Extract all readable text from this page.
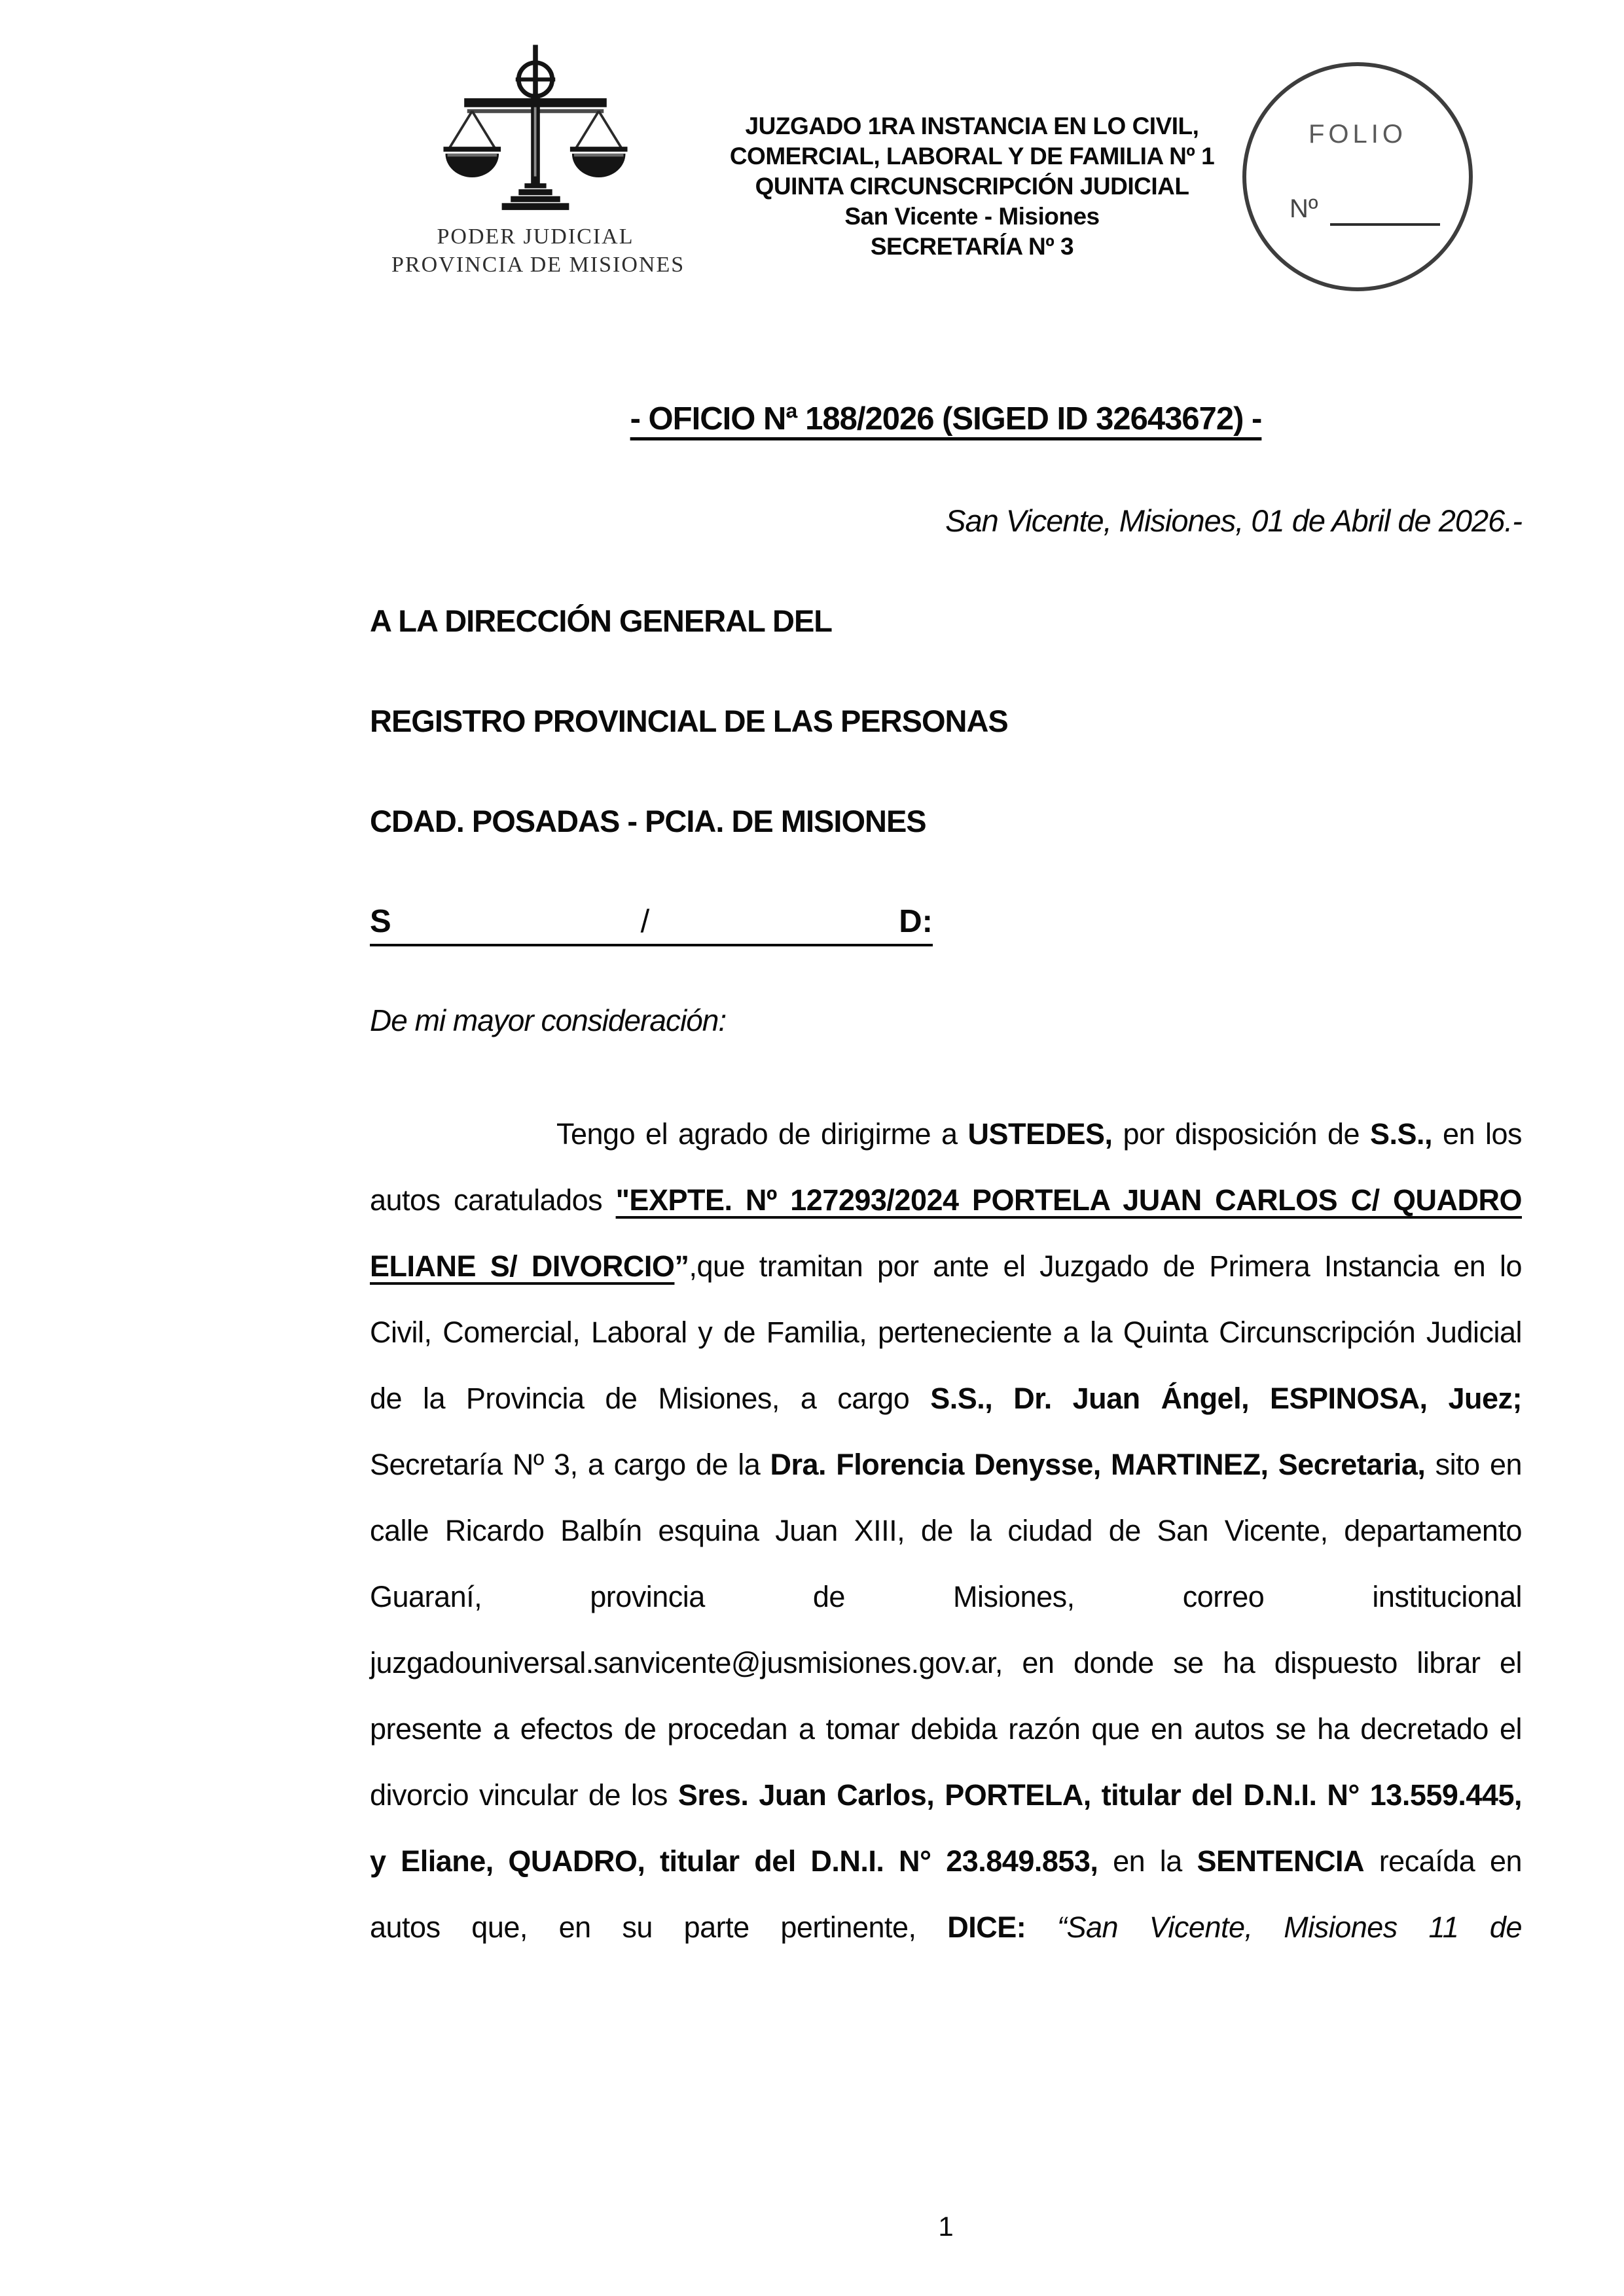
PODER JUDICIAL
PROVINCIA DE MISIONES
JUZGADO 1RA INSTANCIA EN LO CIVIL,
COMERCIAL, LABORAL Y DE FAMILIA Nº 1
QUINTA CIRCUNSCRIPCIÓN JUDICIAL
San Vicente - Misiones
SECRETARÍA Nº 3
FOLIO
Nº
- OFICIO Nª 188/2026 (SIGED ID 32643672) -
San Vicente, Misiones, 01 de Abril de 2026.-
A LA DIRECCIÓN GENERAL DEL
REGISTRO PROVINCIAL DE LAS PERSONAS
CDAD. POSADAS - PCIA. DE MISIONES
S	/	D:
De mi mayor consideración:

Tengo el agrado de dirigirme a USTEDES, por disposición de S.S., en los autos caratulados "EXPTE. Nº 127293/2024 PORTELA JUAN CARLOS C/ QUADRO ELIANE S/ DIVORCIO”,que tramitan por ante el Juzgado de Primera Instancia en lo Civil, Comercial, Laboral y de Familia, perteneciente a la Quinta Circunscripción Judicial de la Provincia de Misiones, a cargo S.S., Dr. Juan Ángel, ESPINOSA, Juez; Secretaría Nº 3, a cargo de la Dra. Florencia Denysse, MARTINEZ, Secretaria, sito en calle Ricardo Balbín esquina Juan XIII, de la ciudad de San Vicente, departamento Guaraní, provincia de Misiones, correo institucional juzgadouniversal.sanvicente@jusmisiones.gov.ar, en donde se ha dispuesto librar el presente a efectos de procedan a tomar debida razón que en autos se ha decretado el divorcio vincular de los Sres. Juan Carlos, PORTELA, titular del D.N.I. N° 13.559.445, y Eliane, QUADRO, titular del D.N.I. N° 23.849.853, en la SENTENCIA recaída en autos que, en su parte pertinente, DICE: “San Vicente, Misiones 11 de

1
